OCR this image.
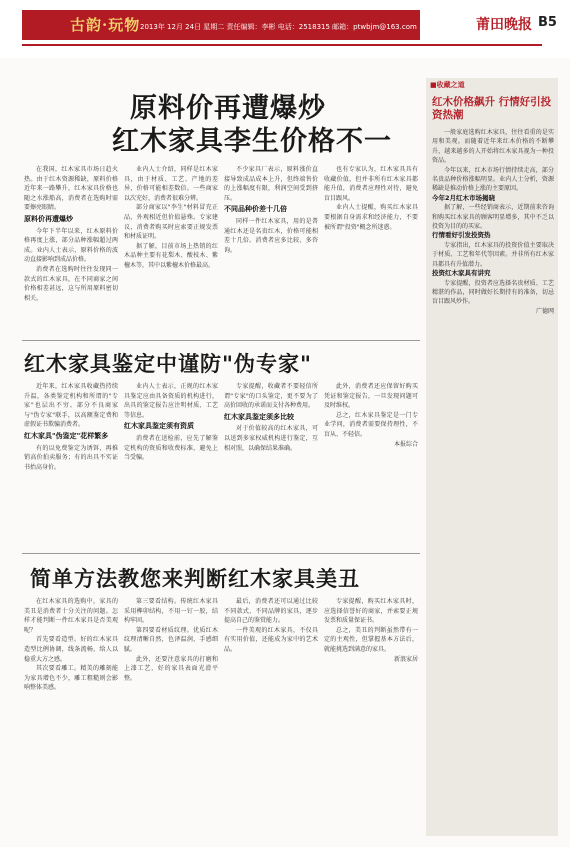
古韵·玩物 2013年 12月 24日 星期二 责任编辑：李彬 电话：2518315 邮箱：ptwbjm@163.com	莆田晚报 B5
原料价再遭爆炒
红木家具李生价格不一

在我国，红木家具市场日趋火热。由于红木资源稀缺，原料价格近年来一路攀升，红木家具价格也随之水涨船高，消费者在选购时需要擦亮眼睛。

原料价再遭爆炒

今年下半年以来，红木原料价格再度上涨，部分品种涨幅超过两成。业内人士表示，原料价格的波动直接影响到成品价格。

消费者在选购时往往发现同一款式的红木家具，在不同商家之间价格相差甚远，这与所用原料密切相关。

业内人士介绍，同样是红木家具，由于材质、工艺、产地的差异，价格可能相差数倍。一些商家以次充好，消费者很难分辨。

部分商家以"李生"材料冒充正品，外观相近但价值悬殊。专家建议，消费者购买时应索要正规发票和材质证明。

据了解，目前市场上热销的红木品种主要有花梨木、酸枝木、紫檀木等，其中以紫檀木价格最高。

不少家具厂表示，原料涨价直接导致成品成本上升，但终端售价的上涨幅度有限，利润空间受到挤压。

不同品种价差十几倍

同样一件红木家具，用的是普通红木还是名贵红木，价格可能相差十几倍。消费者应多比较、多咨询。

也有专家认为，红木家具具有收藏价值，但并非所有红木家具都能升值，消费者应理性对待，避免盲目跟风。

业内人士提醒，购买红木家具要根据自身需求和经济能力，不要被所谓"投资"概念所迷惑。

红木家具鉴定中谨防"伪专家"

近年来，红木家具收藏热持续升温，各类鉴定机构和所谓的"专家"也层出不穷。部分不良商家与"伪专家"联手，以高额鉴定费和虚假证书欺骗消费者。

红木家具"伪鉴定"花样繁多

有的以免费鉴定为诱饵，再推销高价拍卖服务；有的出具不实证书抬高身价。

业内人士表示，正规的红木家具鉴定应由具备资质的机构进行，出具的鉴定报告应注明材质、工艺等信息。

红木家具鉴定须有资质

消费者在送检前，应先了解鉴定机构的资质和收费标准，避免上当受骗。

专家提醒，收藏者不要轻信所谓"专家"的口头鉴定，更不要为了高价回收的承诺而支付各种费用。

红木家具鉴定须多比较

对于价值较高的红木家具，可以送到多家权威机构进行鉴定，互相对照，以确保结果准确。

此外，消费者还应保留好购买凭证和鉴定报告，一旦发现问题可及时维权。

总之，红木家具鉴定是一门专业学问，消费者需要保持理性，不盲从、不轻信。

本报综合

简单方法教您来判断红木家具美丑

在红木家具的选购中，家具的美丑是消费者十分关注的问题。怎样才能判断一件红木家具是否美观呢？

首先要看造型。好的红木家具造型比例协调，线条流畅，给人以稳重大方之感。

其次要看雕工。精美的雕刻能为家具增色不少，雕工粗糙则会影响整体美感。

第三要看结构。传统红木家具采用榫卯结构，不用一钉一胶，结构牢固。

第四要看材质纹理。优质红木纹理清晰自然，色泽温润，手感细腻。

此外，还要注意家具的打磨和上漆工艺，好的家具表面光滑平整。

最后，消费者还可以通过比较不同款式、不同品牌的家具，逐步提高自己的鉴赏能力。

一件美观的红木家具，不仅具有实用价值，还能成为家中的艺术品。

专家提醒，购买红木家具时，应选择信誉好的商家，并索要正规发票和质量保证书。

总之，美丑的判断虽然带有一定的主观性，但掌握基本方法后，就能挑选到满意的家具。

新浪家居

■收藏之道
红木价格飙升 行情好引投资热潮

一般家庭选购红木家具，往往看重的是实用和美观。而随着近年来红木价格的不断攀升，越来越多的人开始将红木家具视为一种投资品。

今年以来，红木市场行情持续走高，部分名贵品种价格涨幅明显。业内人士分析，资源稀缺是推动价格上涨的主要原因。

今年2月红木市场揭晓

据了解，一些经销商表示，近期前来咨询和购买红木家具的顾客明显增多，其中不乏以投资为目的的买家。

行情看好引发投资热

专家指出，红木家具的投资价值主要取决于材质、工艺和年代等因素。并非所有红木家具都具有升值潜力。

投资红木家具有讲究

专家提醒，投资者应选择名贵材质、工艺精湛的作品，同时做好长期持有的准备，切忌盲目跟风炒作。

广德网
